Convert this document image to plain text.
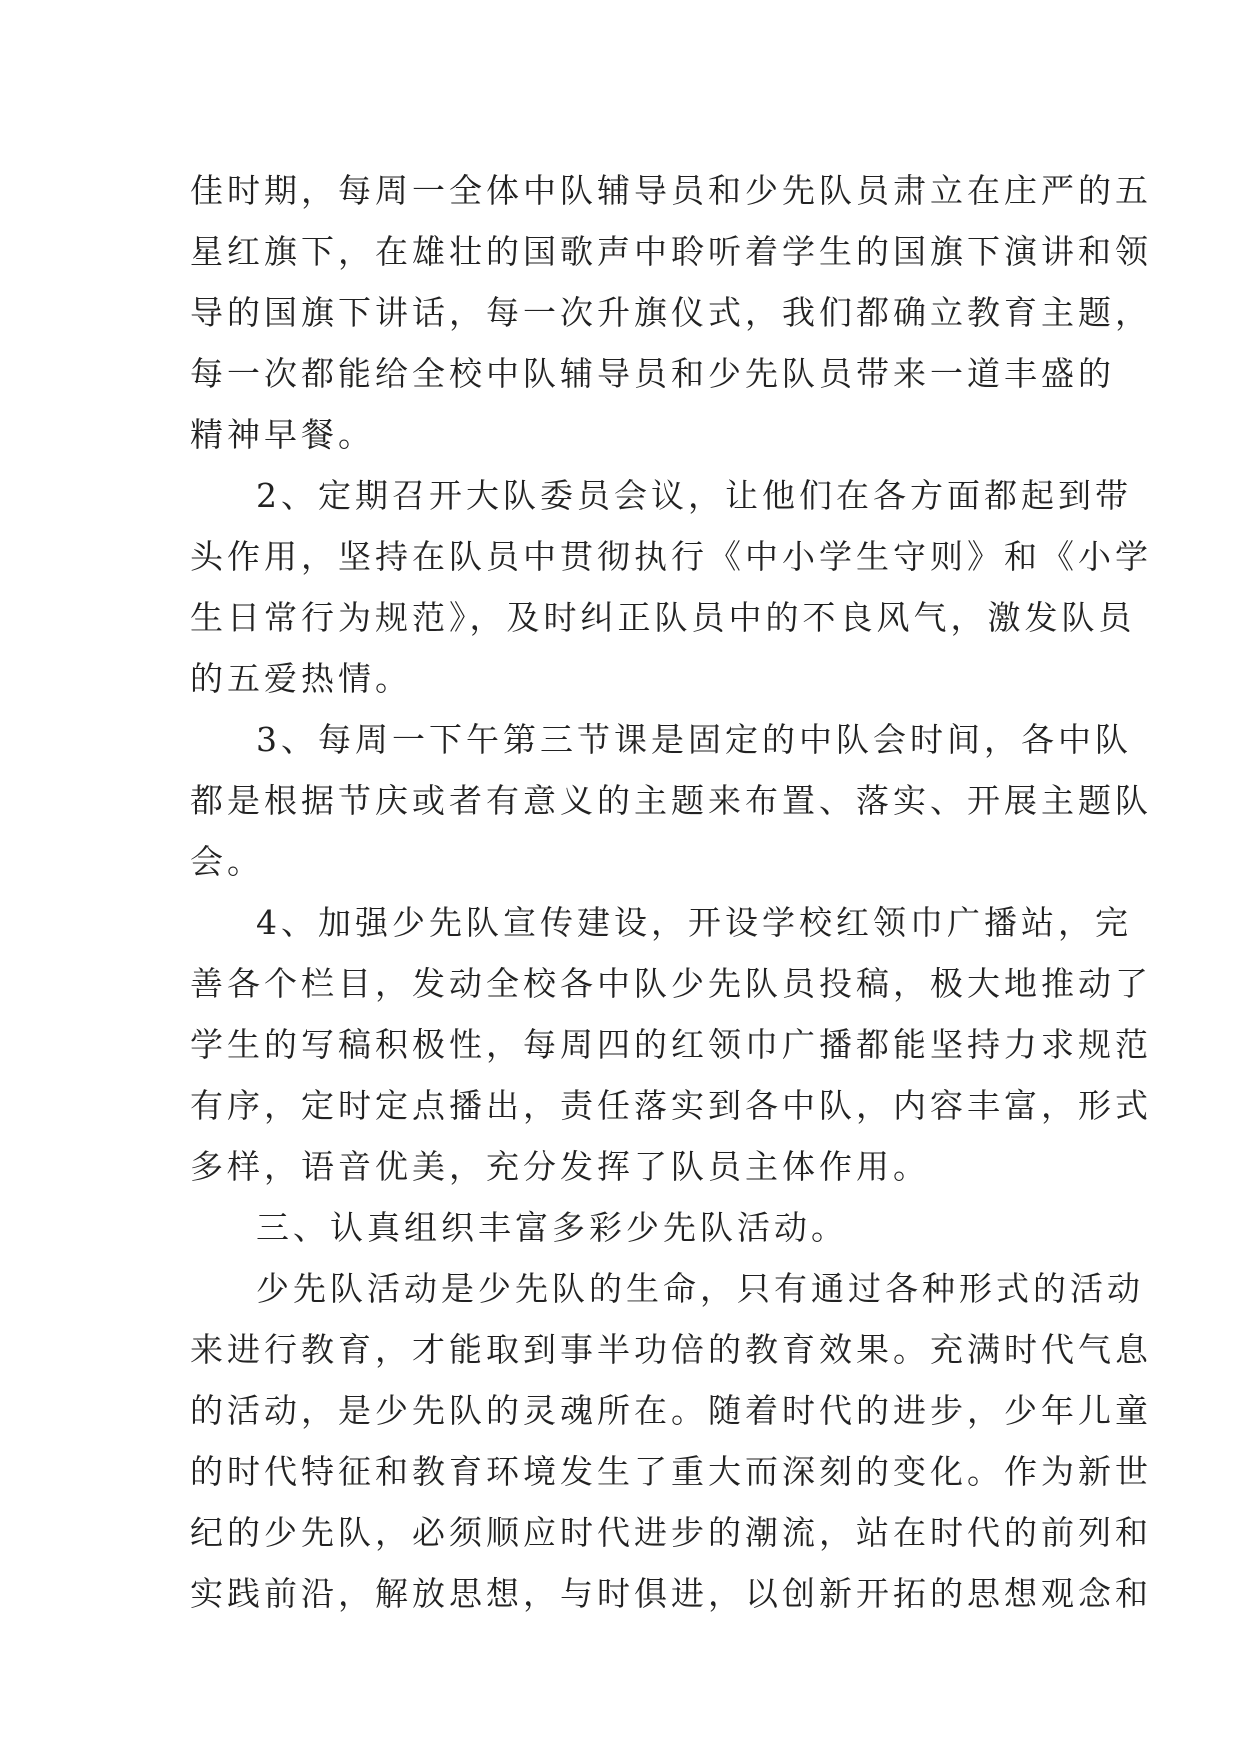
佳时期，每周一全体中队辅导员和少先队员肃立在庄严的五
星红旗下，在雄壮的国歌声中聆听着学生的国旗下演讲和领
导的国旗下讲话，每一次升旗仪式，我们都确立教育主题，
每一次都能给全校中队辅导员和少先队员带来一道丰盛的
精神早餐。
2、定期召开大队委员会议，让他们在各方面都起到带
头作用，坚持在队员中贯彻执行《中小学生守则》和《小学
生日常行为规范》，及时纠正队员中的不良风气，激发队员
的五爱热情。
3、每周一下午第三节课是固定的中队会时间，各中队
都是根据节庆或者有意义的主题来布置、落实、开展主题队
会。
4、加强少先队宣传建设，开设学校红领巾广播站，完
善各个栏目，发动全校各中队少先队员投稿，极大地推动了
学生的写稿积极性，每周四的红领巾广播都能坚持力求规范
有序，定时定点播出，责任落实到各中队，内容丰富，形式
多样，语音优美，充分发挥了队员主体作用。
三、认真组织丰富多彩少先队活动。
少先队活动是少先队的生命，只有通过各种形式的活动
来进行教育，才能取到事半功倍的教育效果。充满时代气息
的活动，是少先队的灵魂所在。随着时代的进步，少年儿童
的时代特征和教育环境发生了重大而深刻的变化。作为新世
纪的少先队，必须顺应时代进步的潮流，站在时代的前列和
实践前沿，解放思想，与时俱进，以创新开拓的思想观念和
